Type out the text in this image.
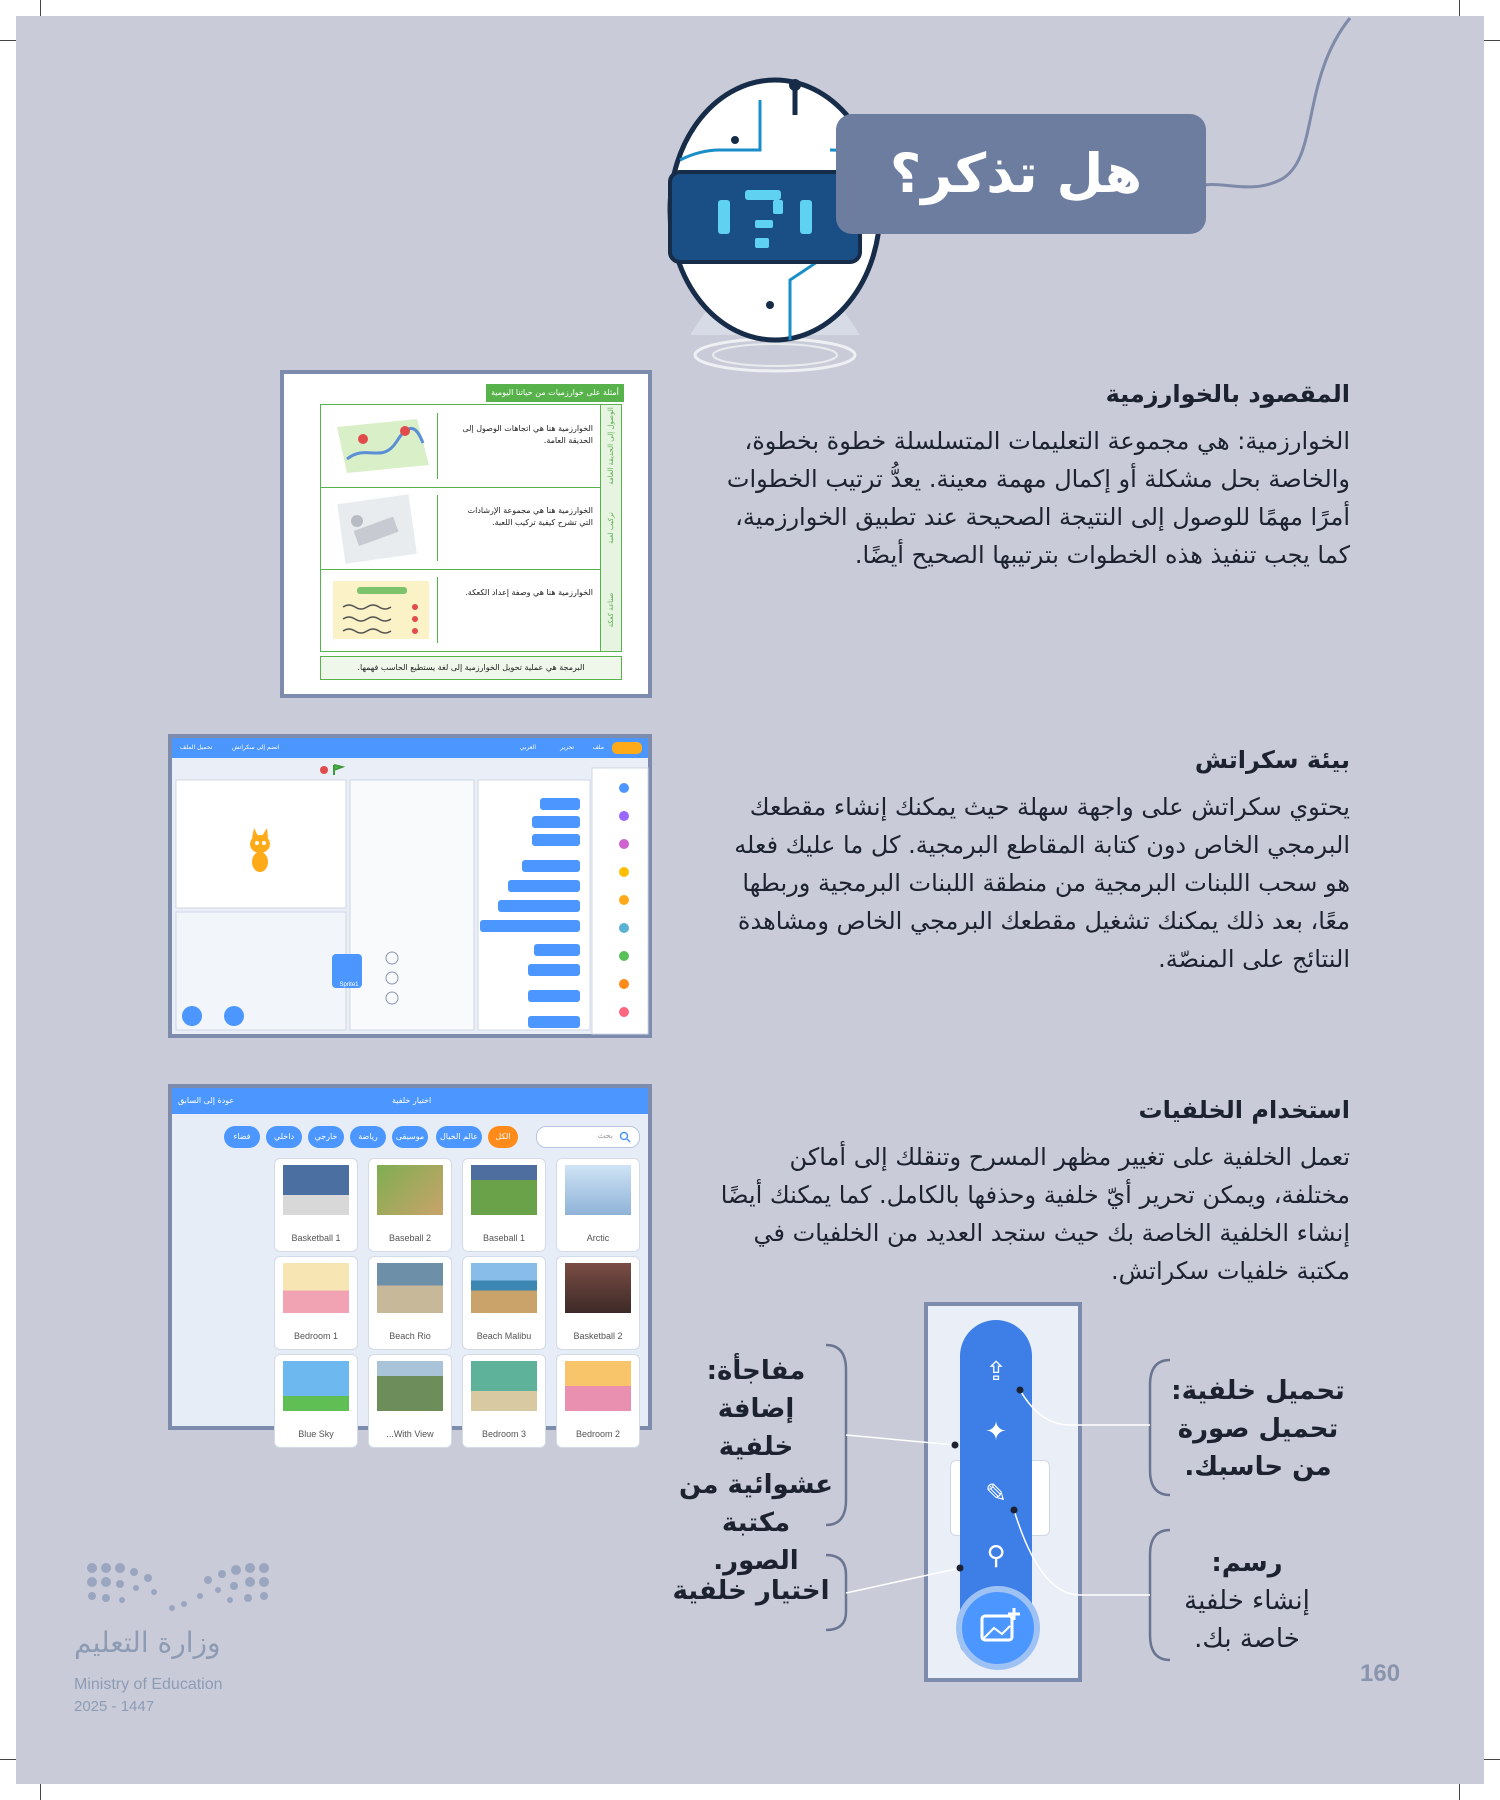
هل تذكر؟
المقصود بالخوارزمية
الخوارزمية: هي مجموعة التعليمات المتسلسلة خطوة بخطوة، والخاصة بحل مشكلة أو إكمال مهمة معينة. يعدُّ ترتيب الخطوات أمرًا مهمًا للوصول إلى النتيجة الصحيحة عند تطبيق الخوارزمية، كما يجب تنفيذ هذه الخطوات بترتيبها الصحيح أيضًا.
بيئة سكراتش
يحتوي سكراتش على واجهة سهلة حيث يمكنك إنشاء مقطعك البرمجي الخاص دون كتابة المقاطع البرمجية. كل ما عليك فعله هو سحب اللبنات البرمجية من منطقة اللبنات البرمجية وربطها معًا، بعد ذلك يمكنك تشغيل مقطعك البرمجي الخاص ومشاهدة النتائج على المنصّة.
استخدام الخلفيات
تعمل الخلفية على تغيير مظهر المسرح وتنقلك إلى أماكن مختلفة، ويمكن تحرير أيّ خلفية وحذفها بالكامل. كما يمكنك أيضًا إنشاء الخلفية الخاصة بك حيث ستجد العديد من الخلفيات في مكتبة خلفيات سكراتش.
أمثلة على خوارزميات من حياتنا اليومية
الوصول إلى الحديقة العامة
الخوارزمية هنا هي اتجاهات الوصول إلى الحديقة العامة.
تركيب لعبة
الخوارزمية هنا هي مجموعة الإرشادات التي تشرح كيفية تركيب اللعبة.
صناعة كعكة
الخوارزمية هنا هي وصفة إعداد الكعكة.
البرمجة هي عملية تحويل الخوارزمية إلى لغة يستطيع الحاسب فهمها.
ملف
تحرير
العربي
انضم إلى سكراتش
تحميل الملف
Sprite1
اختيار خلفية
عودة إلى السابق
بحث
الكل
عالم الخيال
موسيقى
رياضة
خارجي
داخلي
فضاء
Arctic
Baseball 1
Baseball 2
Basketball 1
Basketball 2
Beach Malibu
Beach Rio
Bedroom 1
Bedroom 2
Bedroom 3
...With View
Blue Sky
⇪
✦
✎
⚲
تحميل خلفية:
تحميل صورة من حاسبك.
رسم:
إنشاء خلفية خاصة بك.
مفاجأة:
إضافة خلفية عشوائية من مكتبة الصور.
اختيار خلفية
160
وزارة التعليم
Ministry of Education
2025 - 1447
